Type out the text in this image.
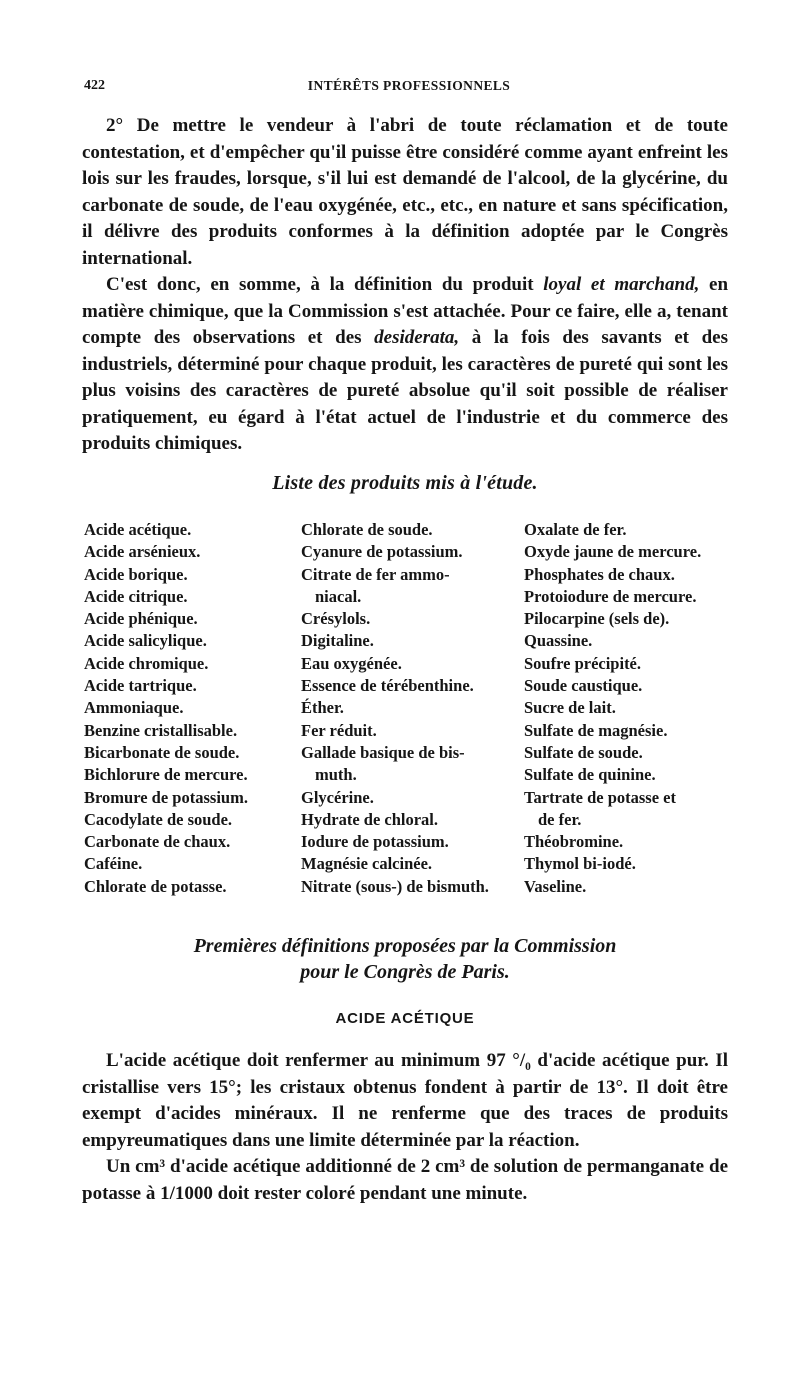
422	INTÉRÊTS PROFESSIONNELS

2° De mettre le vendeur à l'abri de toute réclamation et de toute contestation, et d'empêcher qu'il puisse être considéré comme ayant enfreint les lois sur les fraudes, lorsque, s'il lui est demandé de l'alcool, de la glycérine, du carbonate de soude, de l'eau oxygénée, etc., etc., en nature et sans spécification, il délivre des produits conformes à la définition adoptée par le Congrès international.

C'est donc, en somme, à la définition du produit loyal et marchand, en matière chimique, que la Commission s'est attachée. Pour ce faire, elle a, tenant compte des observations et des desiderata, à la fois des savants et des industriels, déterminé pour chaque produit, les caractères de pureté qui sont les plus voisins des caractères de pureté absolue qu'il soit possible de réaliser pratiquement, eu égard à l'état actuel de l'industrie et du commerce des produits chimiques.

Liste des produits mis à l'étude.
Acide acétique.
Acide arsénieux.
Acide borique.
Acide citrique.
Acide phénique.
Acide salicylique.
Acide chromique.
Acide tartrique.
Ammoniaque.
Benzine cristallisable.
Bicarbonate de soude.
Bichlorure de mercure.
Bromure de potassium.
Cacodylate de soude.
Carbonate de chaux.
Caféine.
Chlorate de potasse.
Chlorate de soude.
Cyanure de potassium.
Citrate de fer ammo-
niacal.
Crésylols.
Digitaline.
Eau oxygénée.
Essence de térébenthine.
Éther.
Fer réduit.
Gallade basique de bis-
muth.
Glycérine.
Hydrate de chloral.
Iodure de potassium.
Magnésie calcinée.
Nitrate (sous-) de bismuth.
Oxalate de fer.
Oxyde jaune de mercure.
Phosphates de chaux.
Protoiodure de mercure.
Pilocarpine (sels de).
Quassine.
Soufre précipité.
Soude caustique.
Sucre de lait.
Sulfate de magnésie.
Sulfate de soude.
Sulfate de quinine.
Tartrate de potasse et
de fer.
Théobromine.
Thymol bi-iodé.
Vaseline.
Premières définitions proposées par la Commission
pour le Congrès de Paris.
ACIDE ACÉTIQUE

L'acide acétique doit renfermer au minimum 97 °/₀ d'acide acétique pur. Il cristallise vers 15°; les cristaux obtenus fondent à partir de 13°. Il doit être exempt d'acides minéraux. Il ne renferme que des traces de produits empyreumatiques dans une limite déterminée par la réaction.

Un cm³ d'acide acétique additionné de 2 cm³ de solution de permanganate de potasse à 1/1000 doit rester coloré pendant une minute.
